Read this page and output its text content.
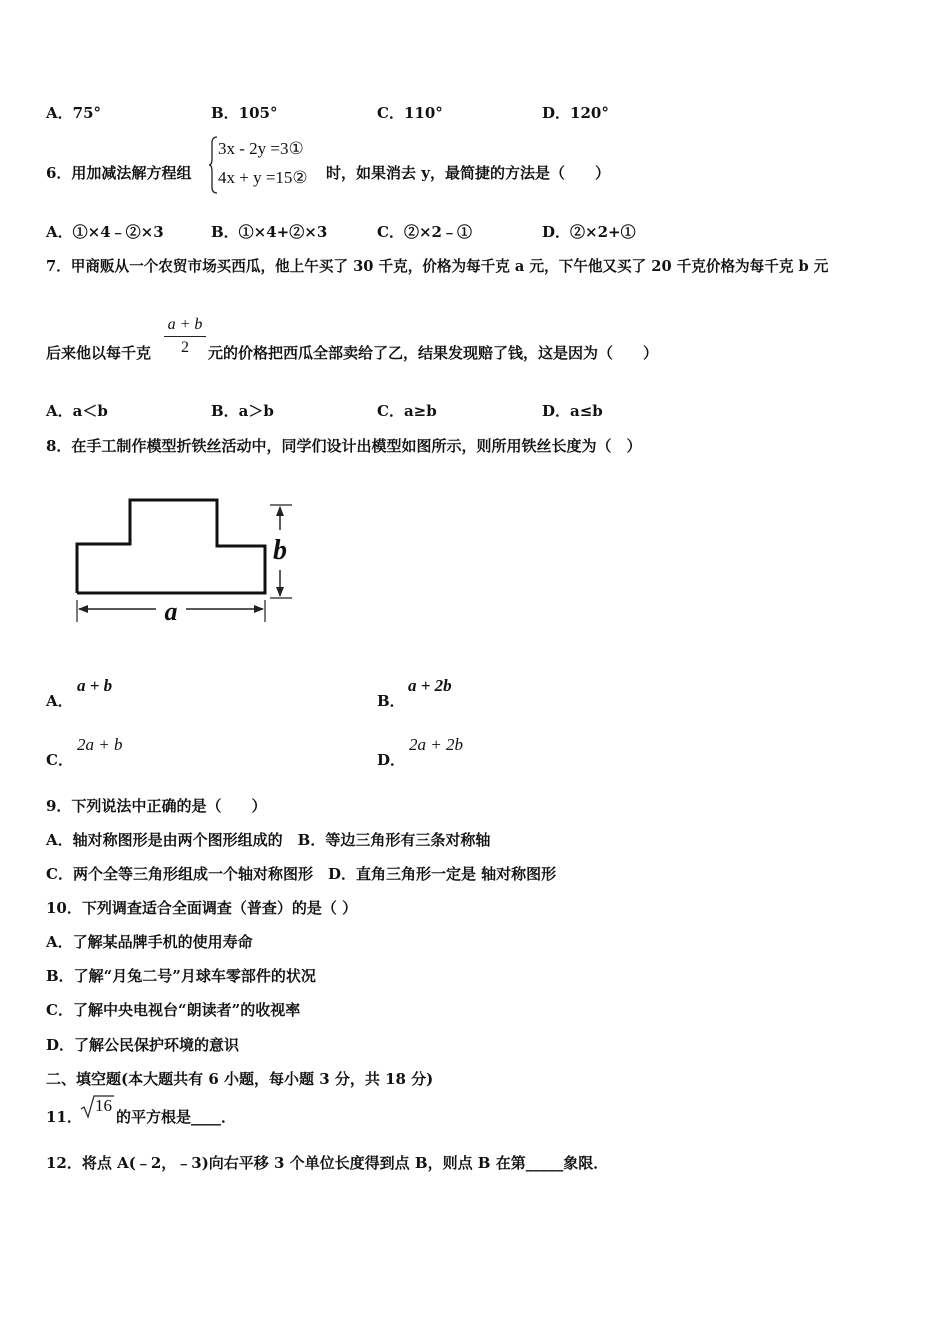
A．75°	B．105°	C．110°	D．120°
6．用加减法解方程组
3x - 2y =3①
4x + y =15② 时，如果消去 y，最简捷的方法是（　　）
A．①×4﹣②×3	B．①×4+②×3	C．②×2﹣①	D．②×2+①
7．甲商贩从一个农贸市场买西瓜，他上午买了 30 千克，价格为每千克 a 元，下午他又买了 20 千克价格为每千克 b 元
后来他以每千克
a + b
2	元的价格把西瓜全部卖给了乙，结果发现赔了钱，这是因为（　　）
A．a＜b	B．a＞b	C．a≥b	D．a≤b
8．在手工制作模型折铁丝活动中，同学们设计出模型如图所示，则所用铁丝长度为（　）
a
b
A．
a + b
B．
a + 2b
C．
2a + b
D．
2a + 2b
9．下列说法中正确的是（　　）
A．轴对称图形是由两个图形组成的　B．等边三角形有三条对称轴
C．两个全等三角形组成一个轴对称图形　D．直角三角形一定是 轴对称图形
10．下列调查适合全面调查（普查）的是（ ）
A．了解某品牌手机的使用寿命
B．了解“月兔二号”月球车零部件的状况
C．了解中央电视台“朗读者”的收视率
D．了解公民保护环境的意识
二、填空题(本大题共有 6 小题，每小题 3 分，共 18 分)
11．
16
的平方根是____．
12．将点 A(﹣2，﹣3)向右平移 3 个单位长度得到点 B，则点 B 在第_____象限．
